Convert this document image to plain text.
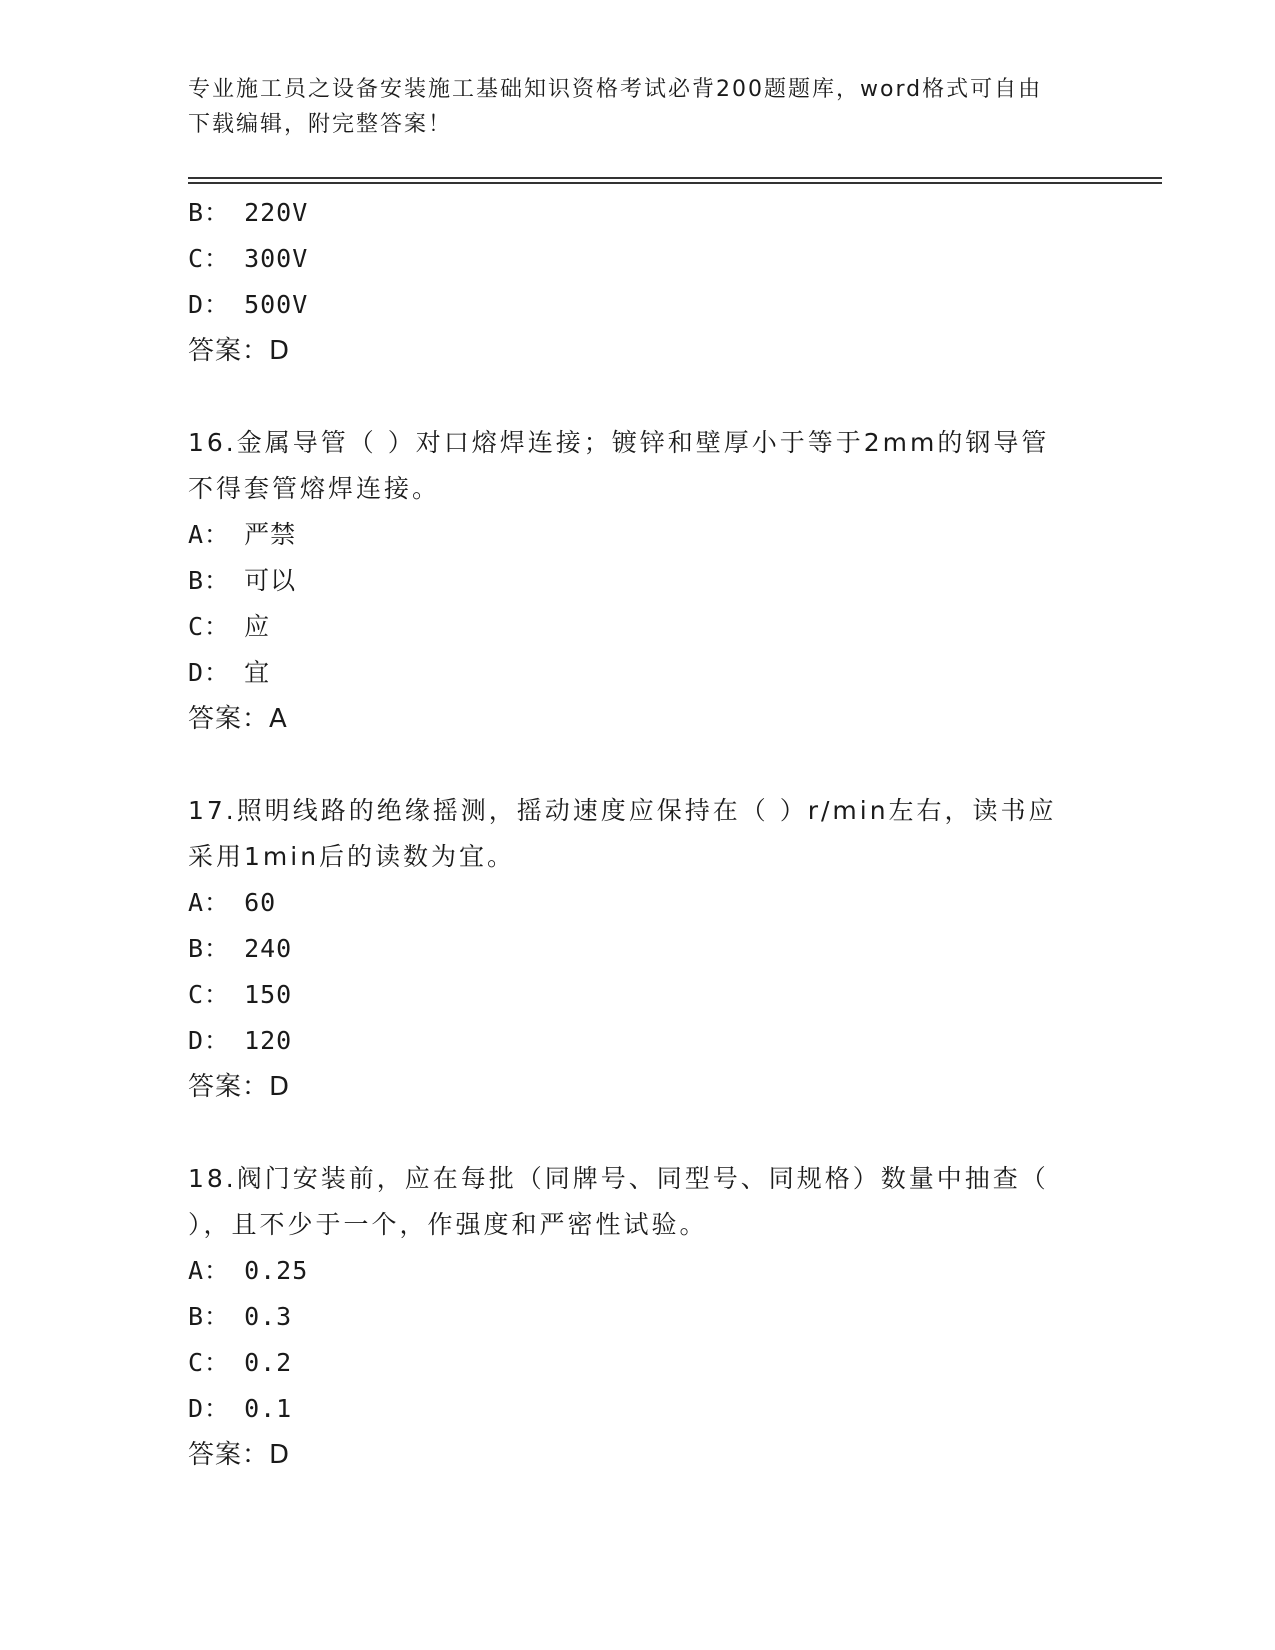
专业施工员之设备安装施工基础知识资格考试必背200题题库，word格式可自由
下载编辑，附完整答案！
B： 220V
C： 300V
D： 500V
答案：D
16.金属导管（ ）对口熔焊连接；镀锌和壁厚小于等于2mm的钢导管
不得套管熔焊连接。
A： 严禁
B： 可以
C： 应
D： 宜
答案：A
17.照明线路的绝缘摇测，摇动速度应保持在（ ）r/min左右，读书应
采用1min后的读数为宜。
A： 60
B： 240
C： 150
D： 120
答案：D
18.阀门安装前，应在每批（同牌号、同型号、同规格）数量中抽查（
），且不少于一个，作强度和严密性试验。
A： 0.25
B： 0.3
C： 0.2
D： 0.1
答案：D
